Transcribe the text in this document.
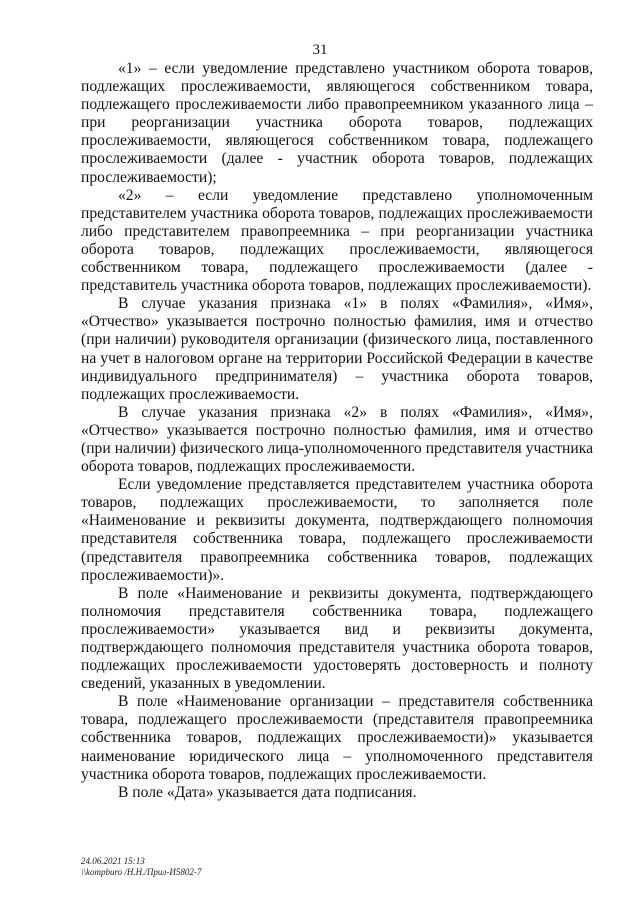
31

«1» – если уведомление представлено участником оборота товаров, подлежащих прослеживаемости, являющегося собственником товара, подлежащего прослеживаемости либо правопреемником указанного лица – при реорганизации участника оборота товаров, подлежащих прослеживаемости, являющегося собственником товара, подлежащего прослеживаемости (далее - участник оборота товаров, подлежащих прослеживаемости);

«2» – если уведомление представлено уполномоченным представителем участника оборота товаров, подлежащих прослеживаемости либо представителем правопреемника – при реорганизации участника оборота товаров, подлежащих прослеживаемости, являющегося собственником товара, подлежащего прослеживаемости (далее - представитель участника оборота товаров, подлежащих прослеживаемости).

В случае указания признака «1» в полях «Фамилия», «Имя», «Отчество» указывается построчно полностью фамилия, имя и отчество (при наличии) руководителя организации (физического лица, поставленного на учет в налоговом органе на территории Российской Федерации в качестве индивидуального предпринимателя) – участника оборота товаров, подлежащих прослеживаемости.

В случае указания признака «2» в полях «Фамилия», «Имя», «Отчество» указывается построчно полностью фамилия, имя и отчество (при наличии) физического лица-уполномоченного представителя участника оборота товаров, подлежащих прослеживаемости.

Если уведомление представляется представителем участника оборота товаров, подлежащих прослеживаемости, то заполняется поле «Наименование и реквизиты документа, подтверждающего полномочия представителя собственника товара, подлежащего прослеживаемости (представителя правопреемника собственника товаров, подлежащих прослеживаемости)».

В поле «Наименование и реквизиты документа, подтверждающего полномочия представителя собственника товара, подлежащего прослеживаемости» указывается вид и реквизиты документа, подтверждающего полномочия представителя участника оборота товаров, подлежащих прослеживаемости удостоверять достоверность и полноту сведений, указанных в уведомлении.

В поле «Наименование организации – представителя собственника товара, подлежащего прослеживаемости (представителя правопреемника собственника товаров, подлежащих прослеживаемости)» указывается наименование юридического лица – уполномоченного представителя участника оборота товаров, подлежащих прослеживаемости.

В поле «Дата» указывается дата подписания.

24.06.2021 15:13
\\kompburo /Н.Н./Прил-И5802-7
